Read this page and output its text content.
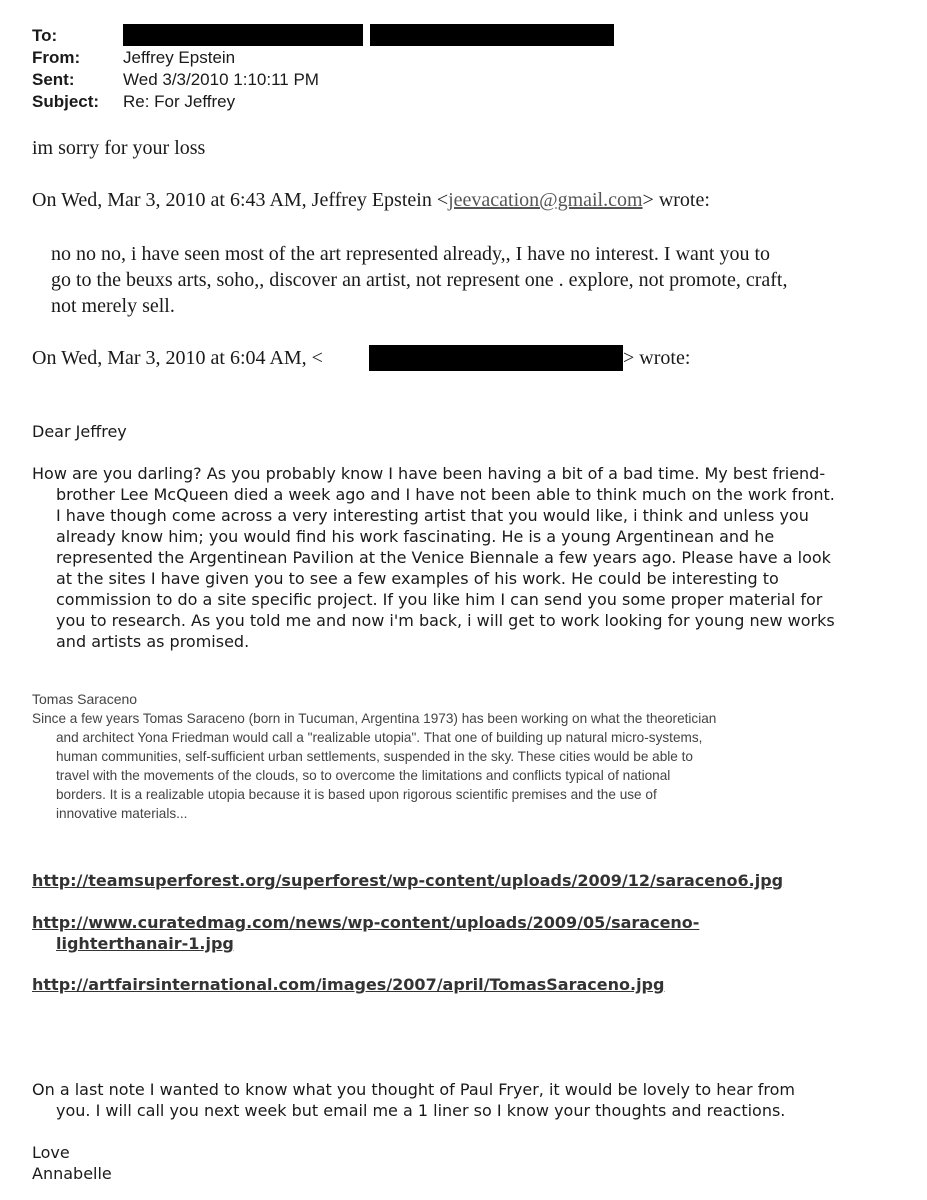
To:
From:	Jeffrey Epstein
Sent:	Wed 3/3/2010 1:10:11 PM
Subject: Re: For Jeffrey
im sorry for your loss
On Wed, Mar 3, 2010 at 6:43 AM, Jeffrey Epstein <jeevacation@gmail.com> wrote:
no no no, i have seen most of the art represented already,, I have no interest. I want you to
go to the beuxs arts, soho,, discover an artist, not represent one . explore, not promote, craft,
not merely sell.
On Wed, Mar 3, 2010 at 6:04 AM, <	> wrote:
Dear Jeffrey
How are you darling? As you probably know I have been having a bit of a bad time. My best friend-
brother Lee McQueen died a week ago and I have not been able to think much on the work front.
I have though come across a very interesting artist that you would like, i think and unless you
already know him; you would find his work fascinating. He is a young Argentinean and he
represented the Argentinean Pavilion at the Venice Biennale a few years ago. Please have a look
at the sites I have given you to see a few examples of his work. He could be interesting to
commission to do a site specific project. If you like him I can send you some proper material for
you to research. As you told me and now i'm back, i will get to work looking for young new works
and artists as promised.
Tomas Saraceno
Since a few years Tomas Saraceno (born in Tucuman, Argentina 1973) has been working on what the theoretician
and architect Yona Friedman would call a "realizable utopia". That one of building up natural micro-systems,
human communities, self-sufficient urban settlements, suspended in the sky. These cities would be able to
travel with the movements of the clouds, so to overcome the limitations and conflicts typical of national
borders. It is a realizable utopia because it is based upon rigorous scientific premises and the use of
innovative materials...
http://teamsuperforest.org/superforest/wp-content/uploads/2009/12/saraceno6.jpg
http://www.curatedmag.com/news/wp-content/uploads/2009/05/saraceno-
lighterthanair-1.jpg
http://artfairsinternational.com/images/2007/april/TomasSaraceno.jpg
On a last note I wanted to know what you thought of Paul Fryer, it would be lovely to hear from
you. I will call you next week but email me a 1 liner so I know your thoughts and reactions.
Love
Annabelle
